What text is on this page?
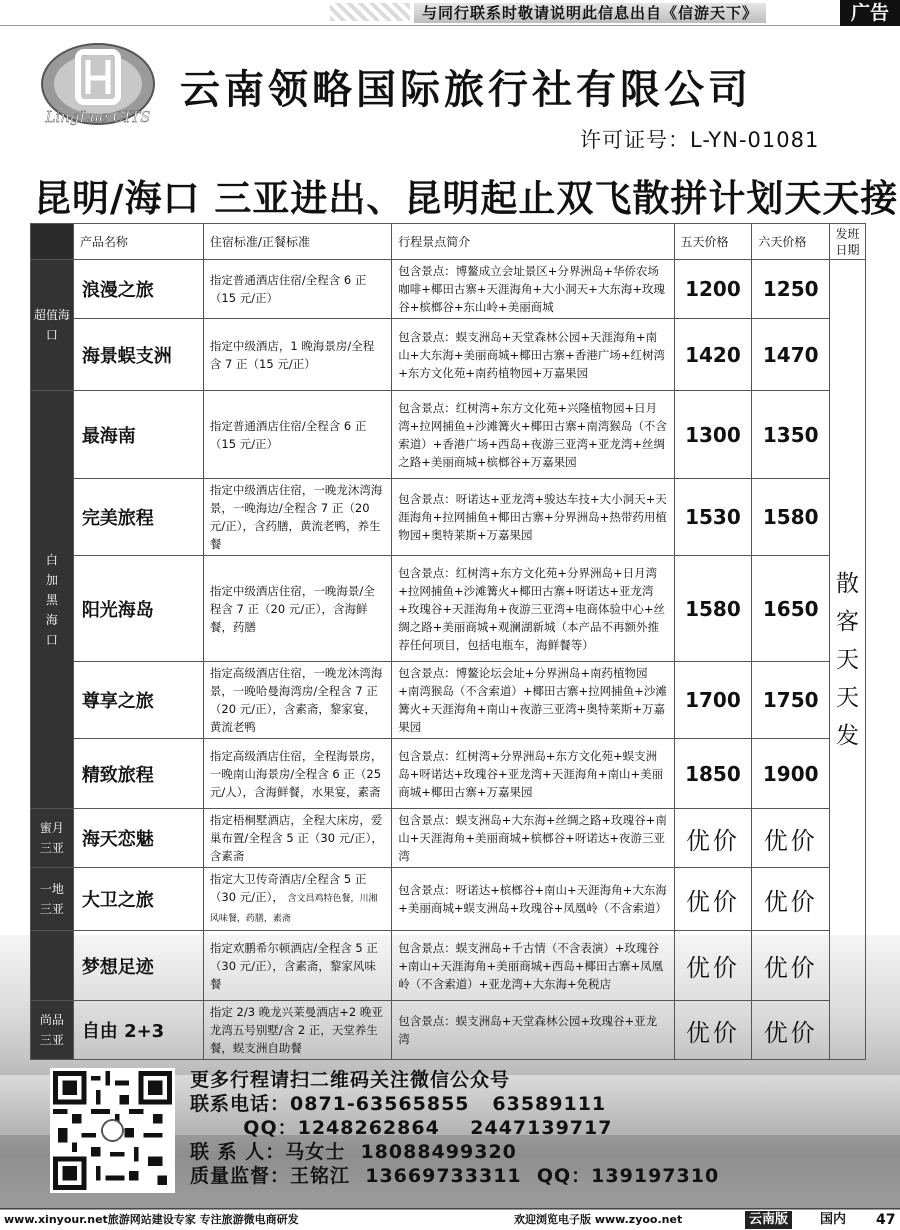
与同行联系时敬请说明此信息出自《信游天下》	广告
LingLue CITS
云南领略国际旅行社有限公司
许可证号：L-YN-01081
昆明/海口 三亚进出、昆明起止双飞散拼计划天天接
	产品名称	住宿标准/正餐标准	行程景点简介	五天价格	六天价格	发班日期
超值海口	浪漫之旅	指定普通酒店住宿/全程含 6 正（15 元/正）	包含景点：博鳌成立会址景区+分界洲岛+华侨农场咖啡+椰田古寨+天涯海角+大小洞天+大东海+玫瑰谷+槟榔谷+东山岭+美丽商城	1200	1250	散客天天发

	海景蜈支洲	指定中级酒店，1 晚海景房/全程含 7 正（15 元/正）	包含景点：蜈支洲岛+天堂森林公园+天涯海角+南山+大东海+美丽商城+椰田古寨+香港广场+红树湾+东方文化苑+南药植物园+万嘉果园	1420	1470	

白加黑海口	最海南	指定普通酒店住宿/全程含 6 正（15 元/正）	包含景点：红树湾+东方文化苑+兴隆植物园+日月湾+拉网捕鱼+沙滩篝火+椰田古寨+南湾猴岛（不含索道）+香港广场+西岛+夜游三亚湾+亚龙湾+丝绸之路+美丽商城+槟榔谷+万嘉果园	1300	1350	
	完美旅程	指定中级酒店住宿，一晚龙沐湾海景，一晚海边/全程含 7 正（20 元/正），含药膳，黄流老鸭，养生餐	包含景点：呀诺达+亚龙湾+骏达车技+大小洞天+天涯海角+拉网捕鱼+椰田古寨+分界洲岛+热带药用植物园+奥特莱斯+万嘉果园	1530	1580	
	阳光海岛	指定中级酒店住宿，一晚海景/全程含 7 正（20 元/正），含海鲜餐，药膳	包含景点：红树湾+东方文化苑+分界洲岛+日月湾+拉网捕鱼+沙滩篝火+椰田古寨+呀诺达+亚龙湾+玫瑰谷+天涯海角+夜游三亚湾+电商体验中心+丝绸之路+美丽商城+观澜湖新城（本产品不再额外推荐任何项目，包括电瓶车，海鲜餐等）	1580	1650	
	尊享之旅	指定高级酒店住宿，一晚龙沐湾海景，一晚哈曼海湾房/全程含 7 正（20 元/正），含素斋，黎家宴，黄流老鸭	包含景点：博鳌论坛会址+分界洲岛+南药植物园+南湾猴岛（不含索道）+椰田古寨+拉网捕鱼+沙滩篝火+天涯海角+南山+夜游三亚湾+奥特莱斯+万嘉果园	1700	1750	
	精致旅程	指定高级酒店住宿，全程海景房，一晚南山海景房/全程含 6 正（25 元/人），含海鲜餐，水果宴，素斋	包含景点：红树湾+分界洲岛+东方文化苑+蜈支洲岛+呀诺达+玫瑰谷+亚龙湾+天涯海角+南山+美丽商城+椰田古寨+万嘉果园	1850	1900	

蜜月三亚	海天恋魅	指定梧桐墅酒店，全程大床房，爱巢布置/全程含 5 正（30 元/正），含素斋	包含景点：蜈支洲岛+大东海+丝绸之路+玫瑰谷+南山+天涯海角+美丽商城+槟榔谷+呀诺达+夜游三亚湾	优价	优价	

一地三亚	大卫之旅	指定大卫传奇酒店/全程含 5 正（30 元/正）， 含文昌鸡特色餐，川湘风味餐，药膳，素斋	包含景点：呀诺达+槟榔谷+南山+天涯海角+大东海+美丽商城+蜈支洲岛+玫瑰谷+凤凰岭（不含索道）	优价	优价	
	梦想足迹	指定欢鹏希尔顿酒店/全程含 5 正（30 元/正），含素斋，黎家风味餐	包含景点：蜈支洲岛+千古情（不含表演）+玫瑰谷+南山+天涯海角+美丽商城+西岛+椰田古寨+凤凰岭（不含索道）+亚龙湾+大东海+免税店	优价	优价	

尚品三亚	自由 2+3	指定 2/3 晚龙兴莱曼酒店+2 晚亚龙湾五号别墅/含 2 正，天堂养生餐，蜈支洲自助餐	包含景点：蜈支洲岛+天堂森林公园+玫瑰谷+亚龙湾	优价	优价	
更多行程请扫二维码关注微信公众号
联系电话：0871-63565855   63589111
QQ：1248262864    2447139717
联 系 人：马女士  18088499320
质量监督：王铭江  13669733311  QQ：139197310
www.xinyour.net旅游网站建设专家 专注旅游微电商研发	欢迎浏览电子版 www.zyoo.net	云南版	国内 47
